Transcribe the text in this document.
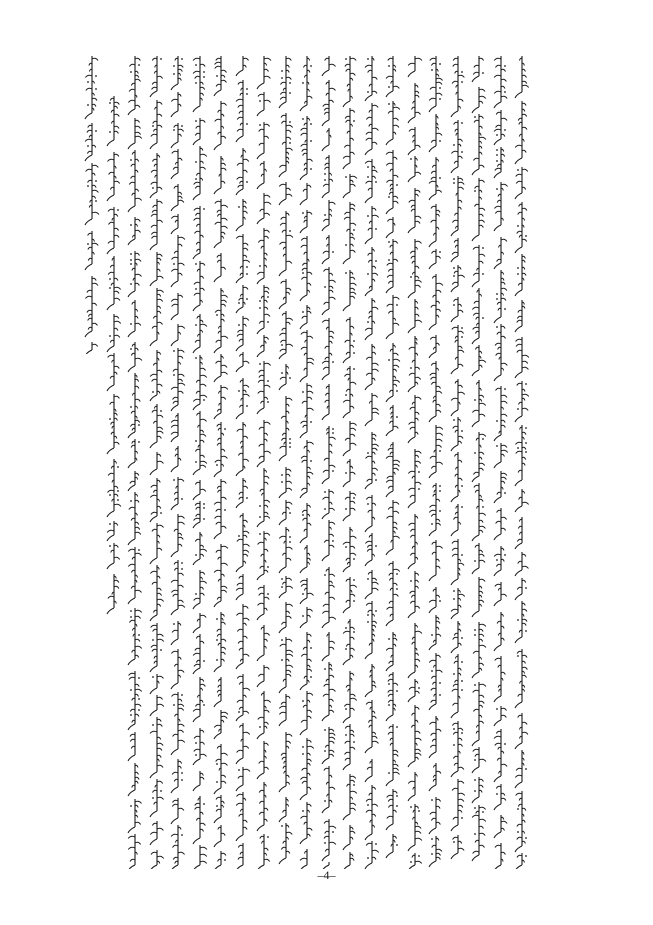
–4–
